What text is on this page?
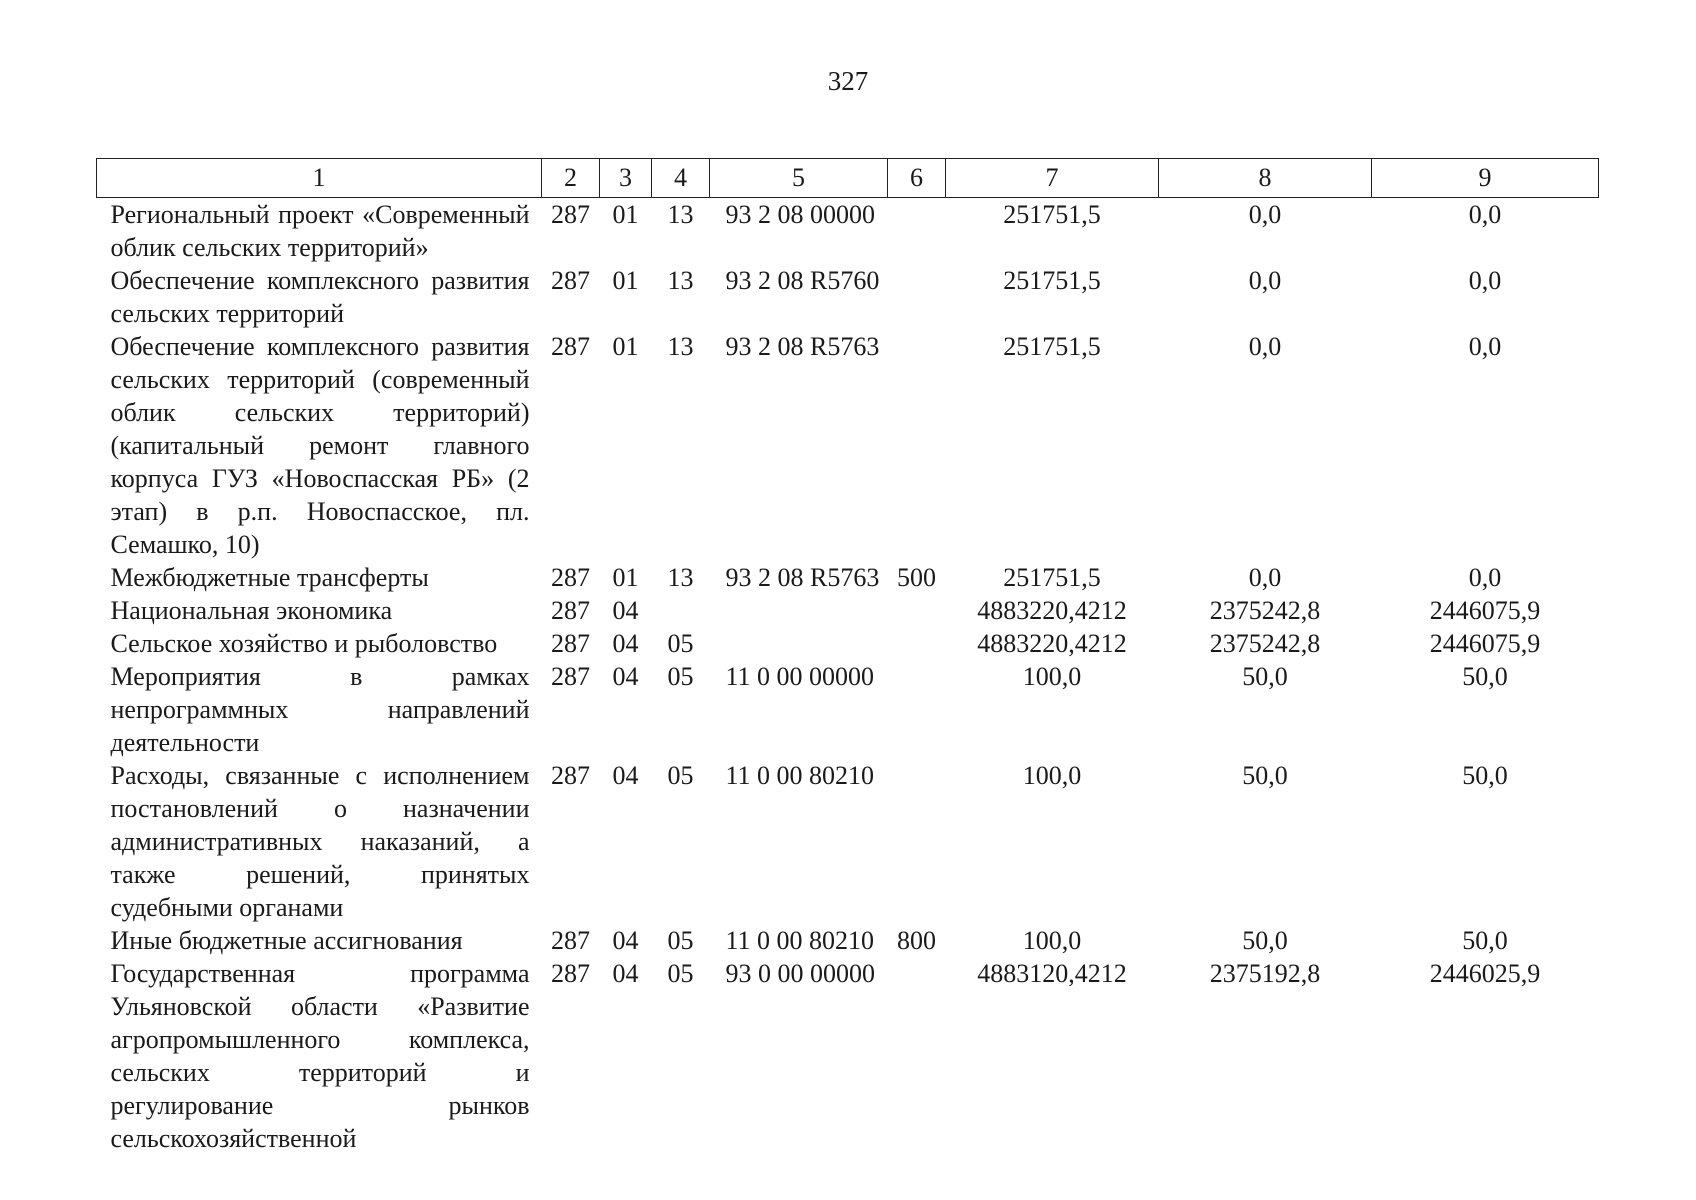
327
1	2	3	4	5	6	7	8	9
Региональный проект «Современный облик сельских территорий»	287	01	13	93 2 08 00000		251751,5	0,0	0,0
Обеспечение комплексного развития сельских территорий	287	01	13	93 2 08 R5760		251751,5	0,0	0,0
Обеспечение комплексного развития сельских территорий (современный облик сельских территорий) (капитальный ремонт главного корпуса ГУЗ «Новоспасская РБ» (2 этап) в р.п. Новоспасское, пл. Семашко, 10)	287	01	13	93 2 08 R5763		251751,5	0,0	0,0
Межбюджетные трансферты	287	01	13	93 2 08 R5763	500	251751,5	0,0	0,0
Национальная экономика	287	04				4883220,4212	2375242,8	2446075,9
Сельское хозяйство и рыболовство	287	04	05			4883220,4212	2375242,8	2446075,9
Мероприятия в рамках непрограммных направлений деятельности	287	04	05	11 0 00 00000		100,0	50,0	50,0
Расходы, связанные с исполнением постановлений о назначении административных наказаний, а также решений, принятых судебными органами	287	04	05	11 0 00 80210		100,0	50,0	50,0
Иные бюджетные ассигнования	287	04	05	11 0 00 80210	800	100,0	50,0	50,0
Государственная программа Ульяновской области «Развитие агропромышленного комплекса, сельских территорий и регулирование рынков сельскохозяйственной	287	04	05	93 0 00 00000		4883120,4212	2375192,8	2446025,9
